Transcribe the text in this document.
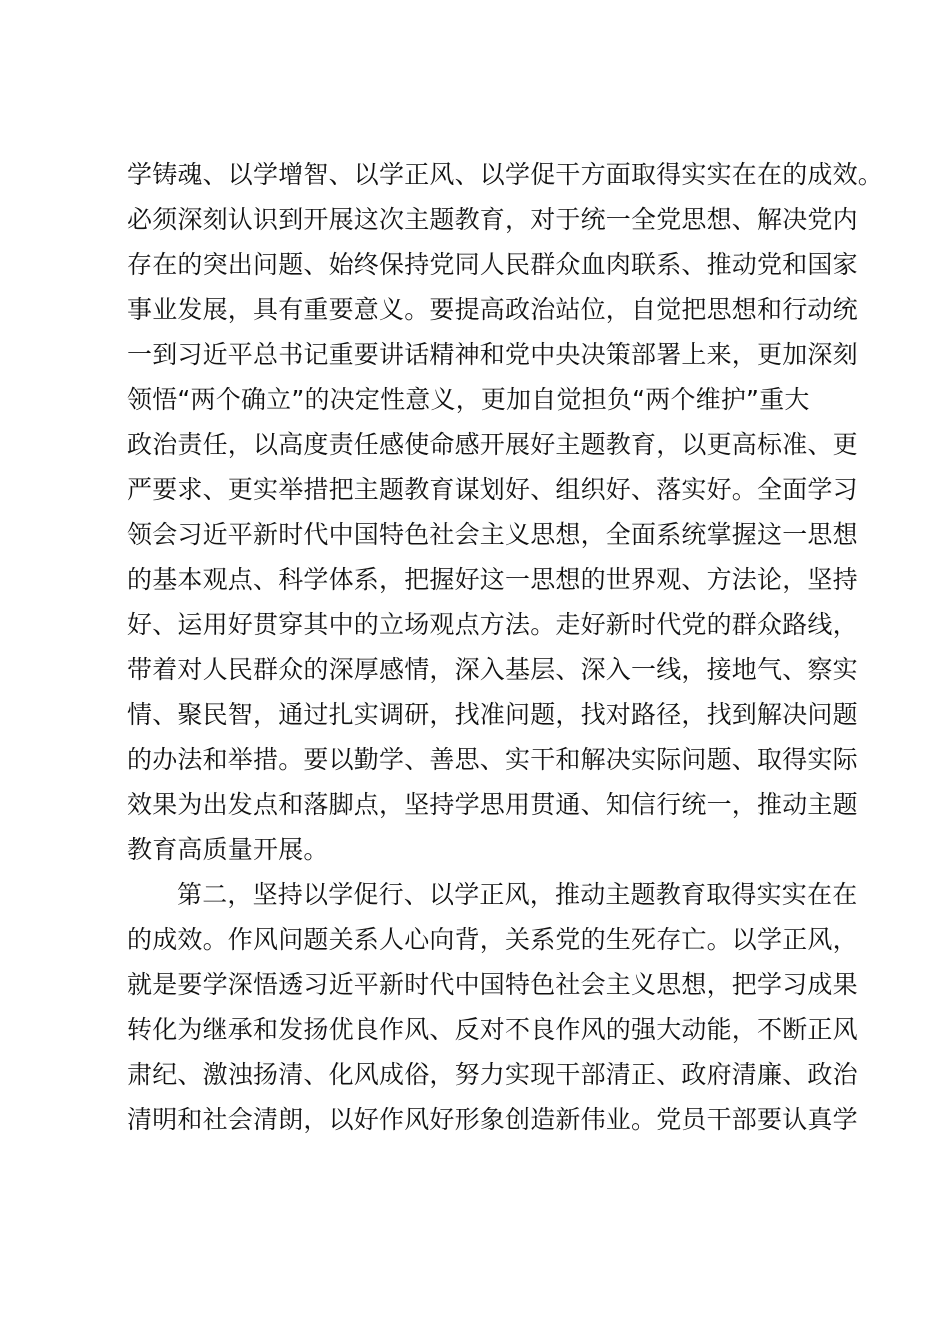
学铸魂、以学增智、以学正风、以学促干方面取得实实在在的成效。
必须深刻认识到开展这次主题教育，对于统一全党思想、解决党内
存在的突出问题、始终保持党同人民群众血肉联系、推动党和国家
事业发展，具有重要意义。要提高政治站位，自觉把思想和行动统
一到习近平总书记重要讲话精神和党中央决策部署上来，更加深刻
领悟“两个确立”的决定性意义，更加自觉担负“两个维护”重大
政治责任，以高度责任感使命感开展好主题教育，以更高标准、更
严要求、更实举措把主题教育谋划好、组织好、落实好。全面学习
领会习近平新时代中国特色社会主义思想，全面系统掌握这一思想
的基本观点、科学体系，把握好这一思想的世界观、方法论，坚持
好、运用好贯穿其中的立场观点方法。走好新时代党的群众路线，
带着对人民群众的深厚感情，深入基层、深入一线，接地气、察实
情、聚民智，通过扎实调研，找准问题，找对路径，找到解决问题
的办法和举措。要以勤学、善思、实干和解决实际问题、取得实际
效果为出发点和落脚点，坚持学思用贯通、知信行统一，推动主题
教育高质量开展。
第二，坚持以学促行、以学正风，推动主题教育取得实实在在
的成效。作风问题关系人心向背，关系党的生死存亡。以学正风，
就是要学深悟透习近平新时代中国特色社会主义思想，把学习成果
转化为继承和发扬优良作风、反对不良作风的强大动能，不断正风
肃纪、激浊扬清、化风成俗，努力实现干部清正、政府清廉、政治
清明和社会清朗，以好作风好形象创造新伟业。党员干部要认真学
